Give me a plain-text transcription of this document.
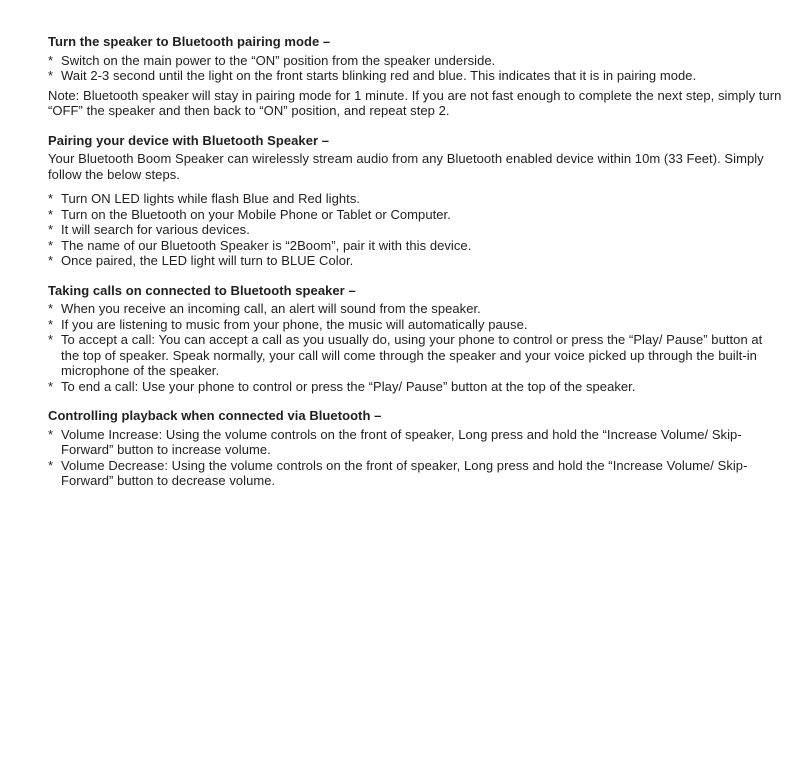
Turn the speaker to Bluetooth pairing mode –
* Switch on the main power to the “ON” position from the speaker underside.
* Wait 2-3 second until the light on the front starts blinking red and blue. This indicates that it is in pairing mode.

Note: Bluetooth speaker will stay in pairing mode for 1 minute. If you are not fast enough to complete the next step, simply turn “OFF” the speaker and then back to “ON” position, and repeat step 2.

Pairing your device with Bluetooth Speaker –

Your Bluetooth Boom Speaker can wirelessly stream audio from any Bluetooth enabled device within 10m (33 Feet). Simply follow the below steps.

* Turn ON LED lights while flash Blue and Red lights.
* Turn on the Bluetooth on your Mobile Phone or Tablet or Computer.
* It will search for various devices.
* The name of our Bluetooth Speaker is “2Boom”, pair it with this device.
* Once paired, the LED light will turn to BLUE Color.
Taking calls on connected to Bluetooth speaker –
* When you receive an incoming call, an alert will sound from the speaker.
* If you are listening to music from your phone, the music will automatically pause.
* To accept a call: You can accept a call as you usually do, using your phone to control or press the “Play/ Pause” button at the top of speaker. Speak normally, your call will come through the speaker and your voice picked up through the built-in microphone of the speaker.
* To end a call: Use your phone to control or press the “Play/ Pause” button at the top of the speaker.
Controlling playback when connected via Bluetooth –
* Volume Increase: Using the volume controls on the front of speaker, Long press and hold the “Increase Volume/ Skip-Forward” button to increase volume.
* Volume Decrease: Using the volume controls on the front of speaker, Long press and hold the “Increase Volume/ Skip-Forward” button to decrease volume.
